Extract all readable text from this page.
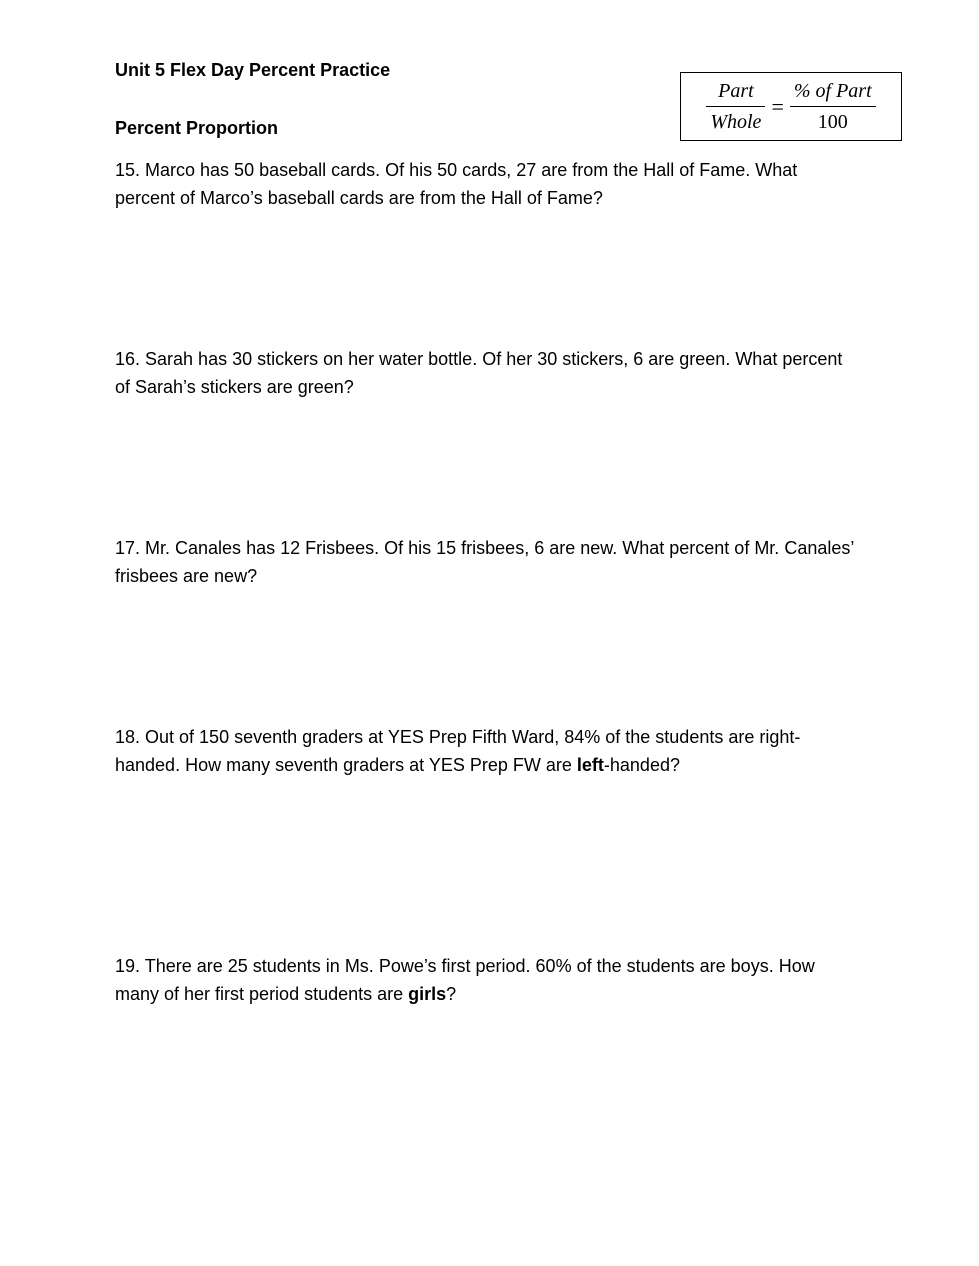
Unit 5 Flex Day Percent Practice
Percent Proportion	$\frac{\text{Part}}{\text{Whole}} = \frac{\text{\% of Part}}{100}$

15. Marco has 50 baseball cards. Of his 50 cards, 27 are from the Hall of Fame. What percent of Marco’s baseball cards are from the Hall of Fame?

16. Sarah has 30 stickers on her water bottle. Of her 30 stickers, 6 are green. What percent of Sarah’s stickers are green?

17. Mr. Canales has 12 Frisbees. Of his 15 frisbees, 6 are new. What percent of Mr. Canales’ frisbees are new?

18. Out of 150 seventh graders at YES Prep Fifth Ward, 84% of the students are right-handed. How many seventh graders at YES Prep FW are left-handed?

19. There are 25 students in Ms. Powe’s first period. 60% of the students are boys. How many of her first period students are girls?
